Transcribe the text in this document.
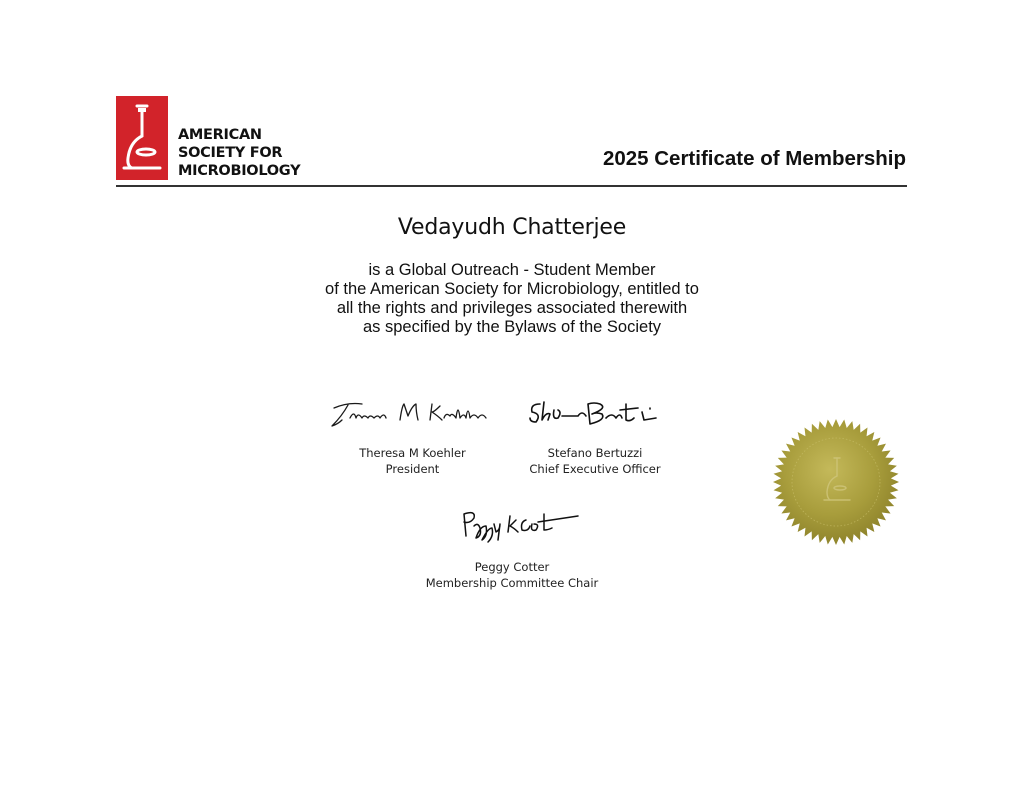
AMERICAN
SOCIETY FOR
MICROBIOLOGY
2025 Certificate of Membership
Vedayudh Chatterjee
is a Global Outreach - Student Member
of the American Society for Microbiology, entitled to
all the rights and privileges associated therewith
as specified by the Bylaws of the Society
Theresa M Koehler
President
Stefano Bertuzzi
Chief Executive Officer
Peggy Cotter
Membership Committee Chair
